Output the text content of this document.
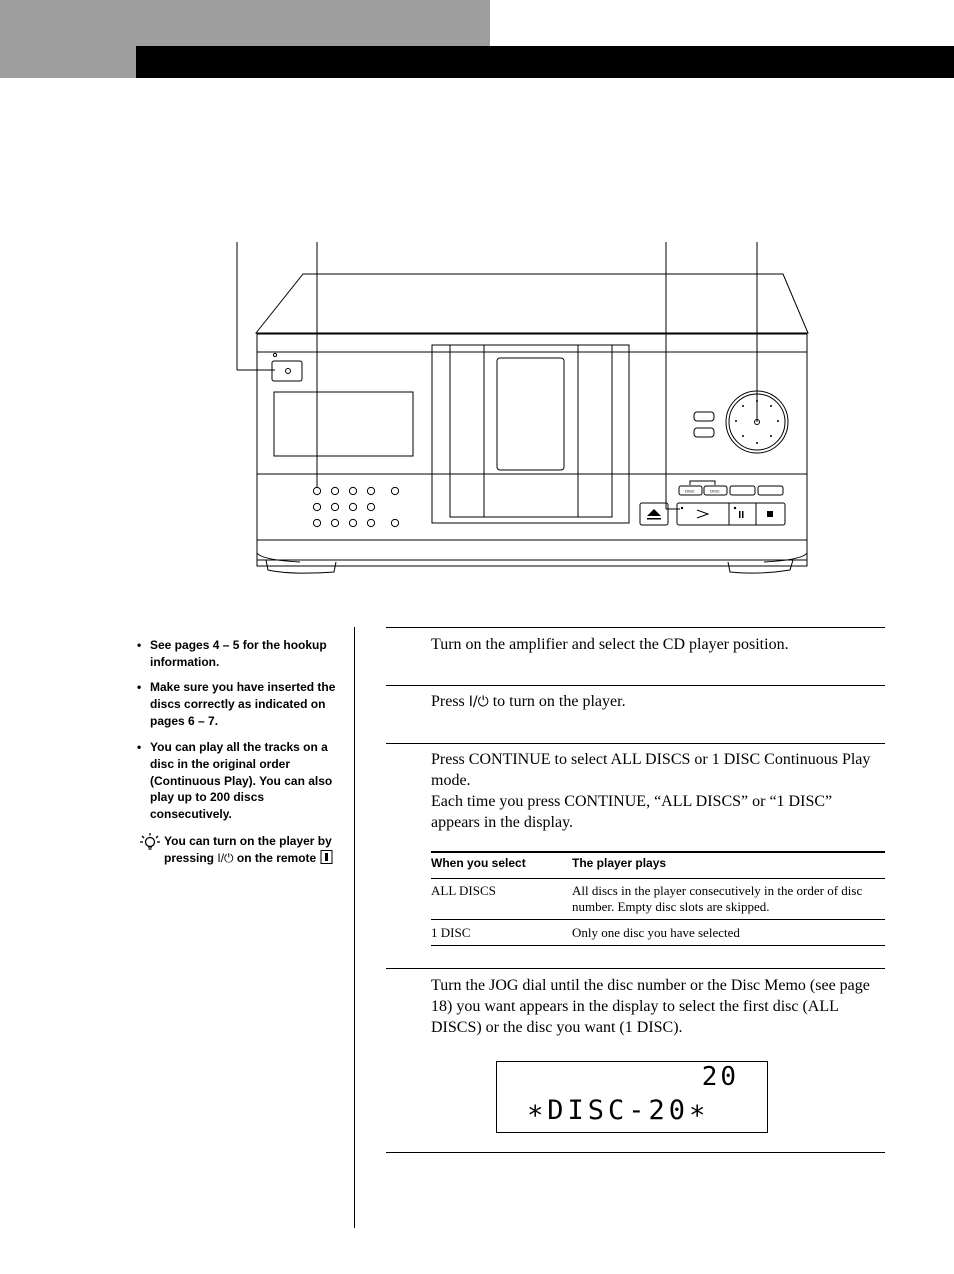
DISC	DISC
• See pages 4 – 5 for the hookup information.
• Make sure you have inserted the discs correctly as indicated on pages 6 – 7.
• You can play all the tracks on a disc in the original order (Continuous Play). You can also play up to 200 discs consecutively.
You can turn on the player by pressing I/⏻ on the remote
Turn on the amplifier and select the CD player position.
Press I/⏻ to turn on the player.
Press CONTINUE to select ALL DISCS or 1 DISC Continuous Play mode.
Each time you press CONTINUE, “ALL DISCS” or “1 DISC” appears in the display.
When you select	The player plays
ALL DISCS	All discs in the player consecutively in the order of disc number. Empty disc slots are skipped.
1 DISC	Only one disc you have selected
Turn the JOG dial until the disc number or the Disc Memo (see page 18) you want appears in the display to select the first disc (ALL DISCS) or the disc you want (1 DISC).
20
∗DISC-20∗
